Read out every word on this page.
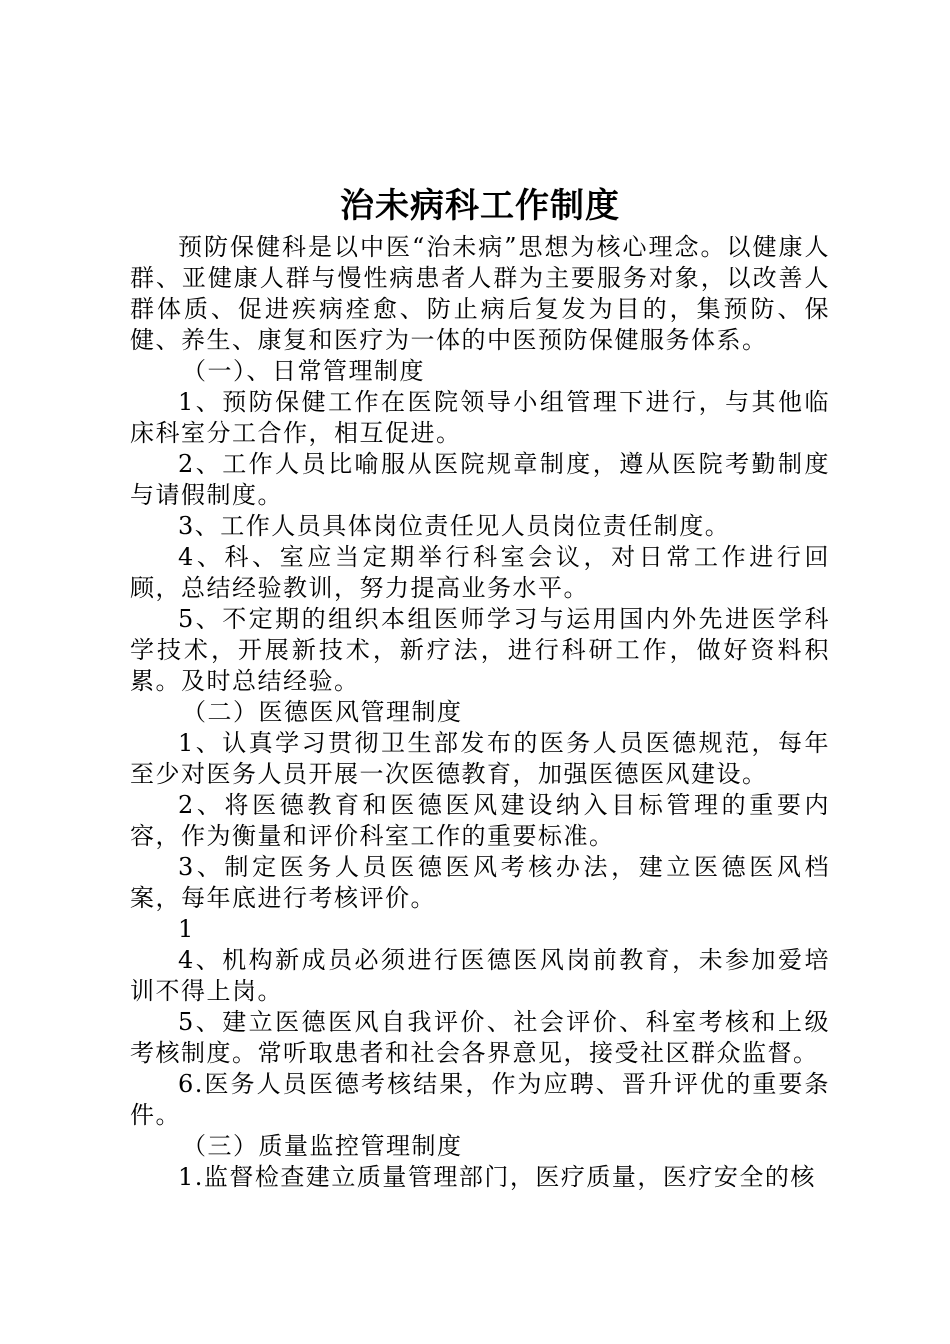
治未病科工作制度

预防保健科是以中医“治未病”思想为核心理念。以健康人群、亚健康人群与慢性病患者人群为主要服务对象，以改善人群体质、促进疾病痊愈、防止病后复发为目的，集预防、保健、养生、康复和医疗为一体的中医预防保健服务体系。

（一）、日常管理制度

1、预防保健工作在医院领导小组管理下进行，与其他临床科室分工合作，相互促进。

2、工作人员比喻服从医院规章制度，遵从医院考勤制度与请假制度。

3、工作人员具体岗位责任见人员岗位责任制度。

4、科、室应当定期举行科室会议，对日常工作进行回顾，总结经验教训，努力提高业务水平。

5、不定期的组织本组医师学习与运用国内外先进医学科学技术，开展新技术，新疗法，进行科研工作，做好资料积累。及时总结经验。

（二）医德医风管理制度

1、认真学习贯彻卫生部发布的医务人员医德规范，每年至少对医务人员开展一次医德教育，加强医德医风建设。

2、将医德教育和医德医风建设纳入目标管理的重要内容，作为衡量和评价科室工作的重要标准。

3、制定医务人员医德医风考核办法，建立医德医风档案，每年底进行考核评价。

1

4、机构新成员必须进行医德医风岗前教育，未参加爱培训不得上岗。

5、建立医德医风自我评价、社会评价、科室考核和上级考核制度。常听取患者和社会各界意见，接受社区群众监督。

6.医务人员医德考核结果，作为应聘、晋升评优的重要条件。

（三）质量监控管理制度

1.监督检查建立质量管理部门，医疗质量，医疗安全的核
